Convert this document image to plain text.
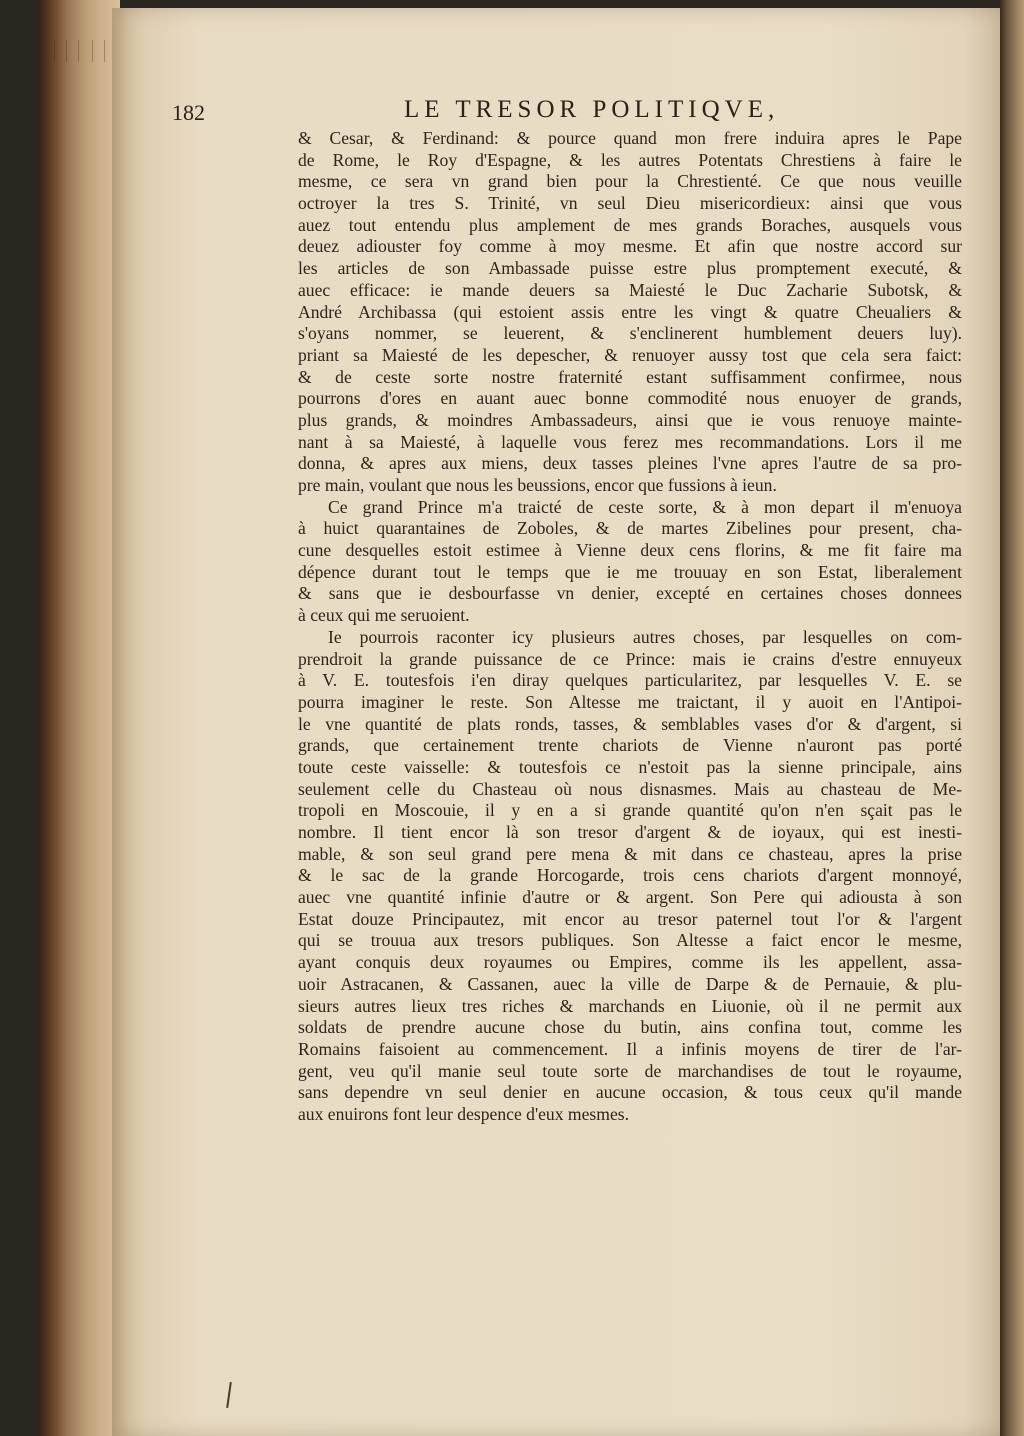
182	LE TRESOR POLITIQVE,
& Cesar, & Ferdinand: & pource quand mon frere induira apres le Pape
de Rome, le Roy d'Espagne, & les autres Potentats Chrestiens à faire le
mesme, ce sera vn grand bien pour la Chrestienté. Ce que nous veuille
octroyer la tres S. Trinité, vn seul Dieu misericordieux: ainsi que vous
auez tout entendu plus amplement de mes grands Boraches, ausquels vous
deuez adiouster foy comme à moy mesme. Et afin que nostre accord sur
les articles de son Ambassade puisse estre plus promptement executé, &
auec efficace: ie mande deuers sa Maiesté le Duc Zacharie Subotsk, &
André Archibassa (qui estoient assis entre les vingt & quatre Cheualiers &
s'oyans nommer, se leuerent, & s'enclinerent humblement deuers luy).
priant sa Maiesté de les depescher, & renuoyer aussy tost que cela sera faict:
& de ceste sorte nostre fraternité estant suffisamment confirmee, nous
pourrons d'ores en auant auec bonne commodité nous enuoyer de grands,
plus grands, & moindres Ambassadeurs, ainsi que ie vous renuoye mainte-
nant à sa Maiesté, à laquelle vous ferez mes recommandations. Lors il me
donna, & apres aux miens, deux tasses pleines l'vne apres l'autre de sa pro-
pre main, voulant que nous les beussions, encor que fussions à ieun.
Ce grand Prince m'a traicté de ceste sorte, & à mon depart il m'enuoya
à huict quarantaines de Zoboles, & de martes Zibelines pour present, cha-
cune desquelles estoit estimee à Vienne deux cens florins, & me fit faire ma
dépence durant tout le temps que ie me trouuay en son Estat, liberalement
& sans que ie desbourfasse vn denier, excepté en certaines choses donnees
à ceux qui me seruoient.
Ie pourrois raconter icy plusieurs autres choses, par lesquelles on com-
prendroit la grande puissance de ce Prince: mais ie crains d'estre ennuyeux
à V. E. toutesfois i'en diray quelques particularitez, par lesquelles V. E. se
pourra imaginer le reste. Son Altesse me traictant, il y auoit en l'Antipoi-
le vne quantité de plats ronds, tasses, & semblables vases d'or & d'argent, si
grands, que certainement trente chariots de Vienne n'auront pas porté
toute ceste vaisselle: & toutesfois ce n'estoit pas la sienne principale, ains
seulement celle du Chasteau où nous disnasmes. Mais au chasteau de Me-
tropoli en Moscouie, il y en a si grande quantité qu'on n'en sçait pas le
nombre. Il tient encor là son tresor d'argent & de ioyaux, qui est inesti-
mable, & son seul grand pere mena & mit dans ce chasteau, apres la prise
& le sac de la grande Horcogarde, trois cens chariots d'argent monnoyé,
auec vne quantité infinie d'autre or & argent. Son Pere qui adiousta à son
Estat douze Principautez, mit encor au tresor paternel tout l'or & l'argent
qui se trouua aux tresors publiques. Son Altesse a faict encor le mesme,
ayant conquis deux royaumes ou Empires, comme ils les appellent, assa-
uoir Astracanen, & Cassanen, auec la ville de Darpe & de Pernauie, & plu-
sieurs autres lieux tres riches & marchands en Liuonie, où il ne permit aux
soldats de prendre aucune chose du butin, ains confina tout, comme les
Romains faisoient au commencement. Il a infinis moyens de tirer de l'ar-
gent, veu qu'il manie seul toute sorte de marchandises de tout le royaume,
sans dependre vn seul denier en aucune occasion, & tous ceux qu'il mande
aux enuirons font leur despence d'eux mesmes.
